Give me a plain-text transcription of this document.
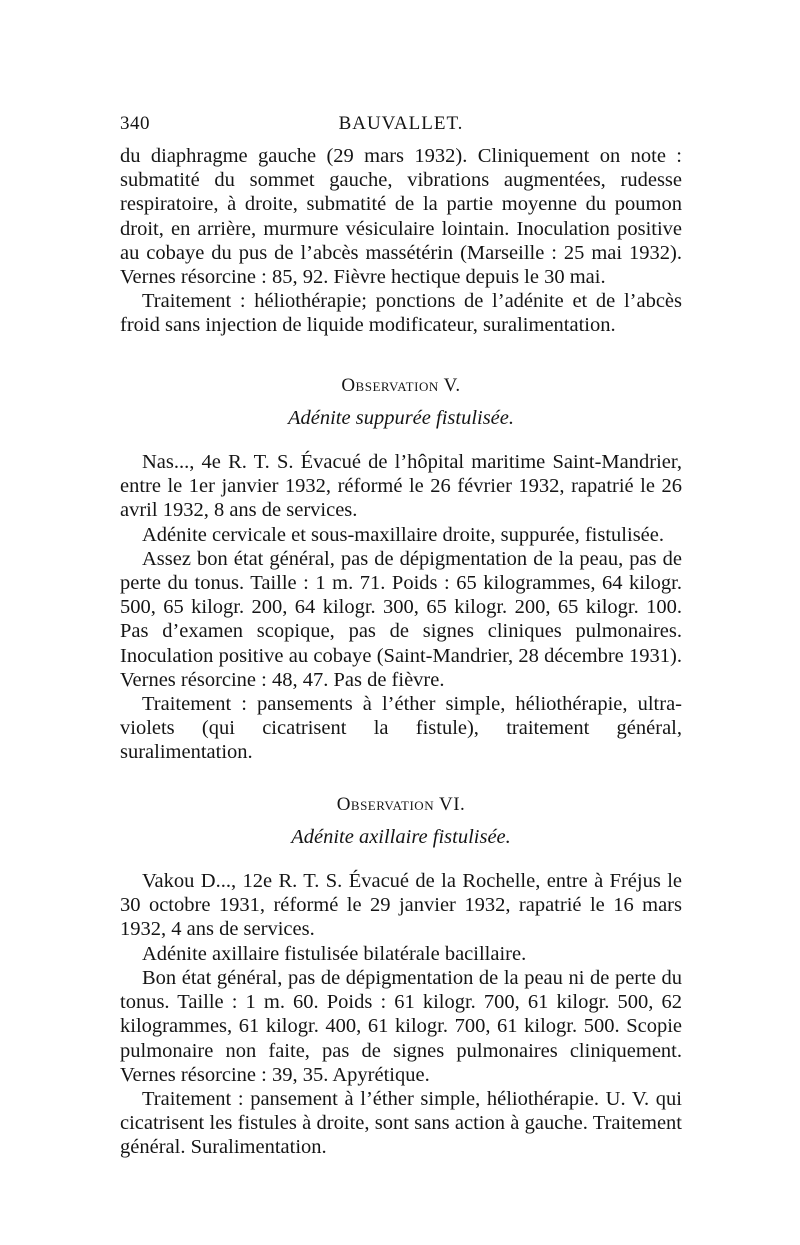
340	BAUVALLET.

du diaphragme gauche (29 mars 1932). Cliniquement on note : submatité du sommet gauche, vibrations augmentées, rudesse respiratoire, à droite, submatité de la partie moyenne du poumon droit, en arrière, murmure vésiculaire lointain. Inoculation positive au cobaye du pus de l’abcès massétérin (Marseille : 25 mai 1932). Vernes résorcine : 85, 92. Fièvre hectique depuis le 30 mai.

Traitement : héliothérapie; ponctions de l’adénite et de l’abcès froid sans injection de liquide modificateur, suralimentation.

Observation V.
Adénite suppurée fistulisée.

Nas..., 4e R. T. S. Évacué de l’hôpital maritime Saint-Mandrier, entre le 1er janvier 1932, réformé le 26 février 1932, rapatrié le 26 avril 1932, 8 ans de services.

Adénite cervicale et sous-maxillaire droite, suppurée, fistulisée.

Assez bon état général, pas de dépigmentation de la peau, pas de perte du tonus. Taille : 1 m. 71. Poids : 65 kilogrammes, 64 kilogr. 500, 65 kilogr. 200, 64 kilogr. 300, 65 kilogr. 200, 65 kilogr. 100. Pas d’examen scopique, pas de signes cliniques pulmonaires. Inoculation positive au cobaye (Saint-Mandrier, 28 décembre 1931). Vernes résorcine : 48, 47. Pas de fièvre.

Traitement : pansements à l’éther simple, héliothérapie, ultra-violets (qui cicatrisent la fistule), traitement général, suralimentation.

Observation VI.
Adénite axillaire fistulisée.

Vakou D..., 12e R. T. S. Évacué de la Rochelle, entre à Fréjus le 30 octobre 1931, réformé le 29 janvier 1932, rapatrié le 16 mars 1932, 4 ans de services.

Adénite axillaire fistulisée bilatérale bacillaire.

Bon état général, pas de dépigmentation de la peau ni de perte du tonus. Taille : 1 m. 60. Poids : 61 kilogr. 700, 61 kilogr. 500, 62 kilogrammes, 61 kilogr. 400, 61 kilogr. 700, 61 kilogr. 500. Scopie pulmonaire non faite, pas de signes pulmonaires cliniquement. Vernes résorcine : 39, 35. Apyrétique.

Traitement : pansement à l’éther simple, héliothérapie. U. V. qui cicatrisent les fistules à droite, sont sans action à gauche. Traitement général. Suralimentation.
